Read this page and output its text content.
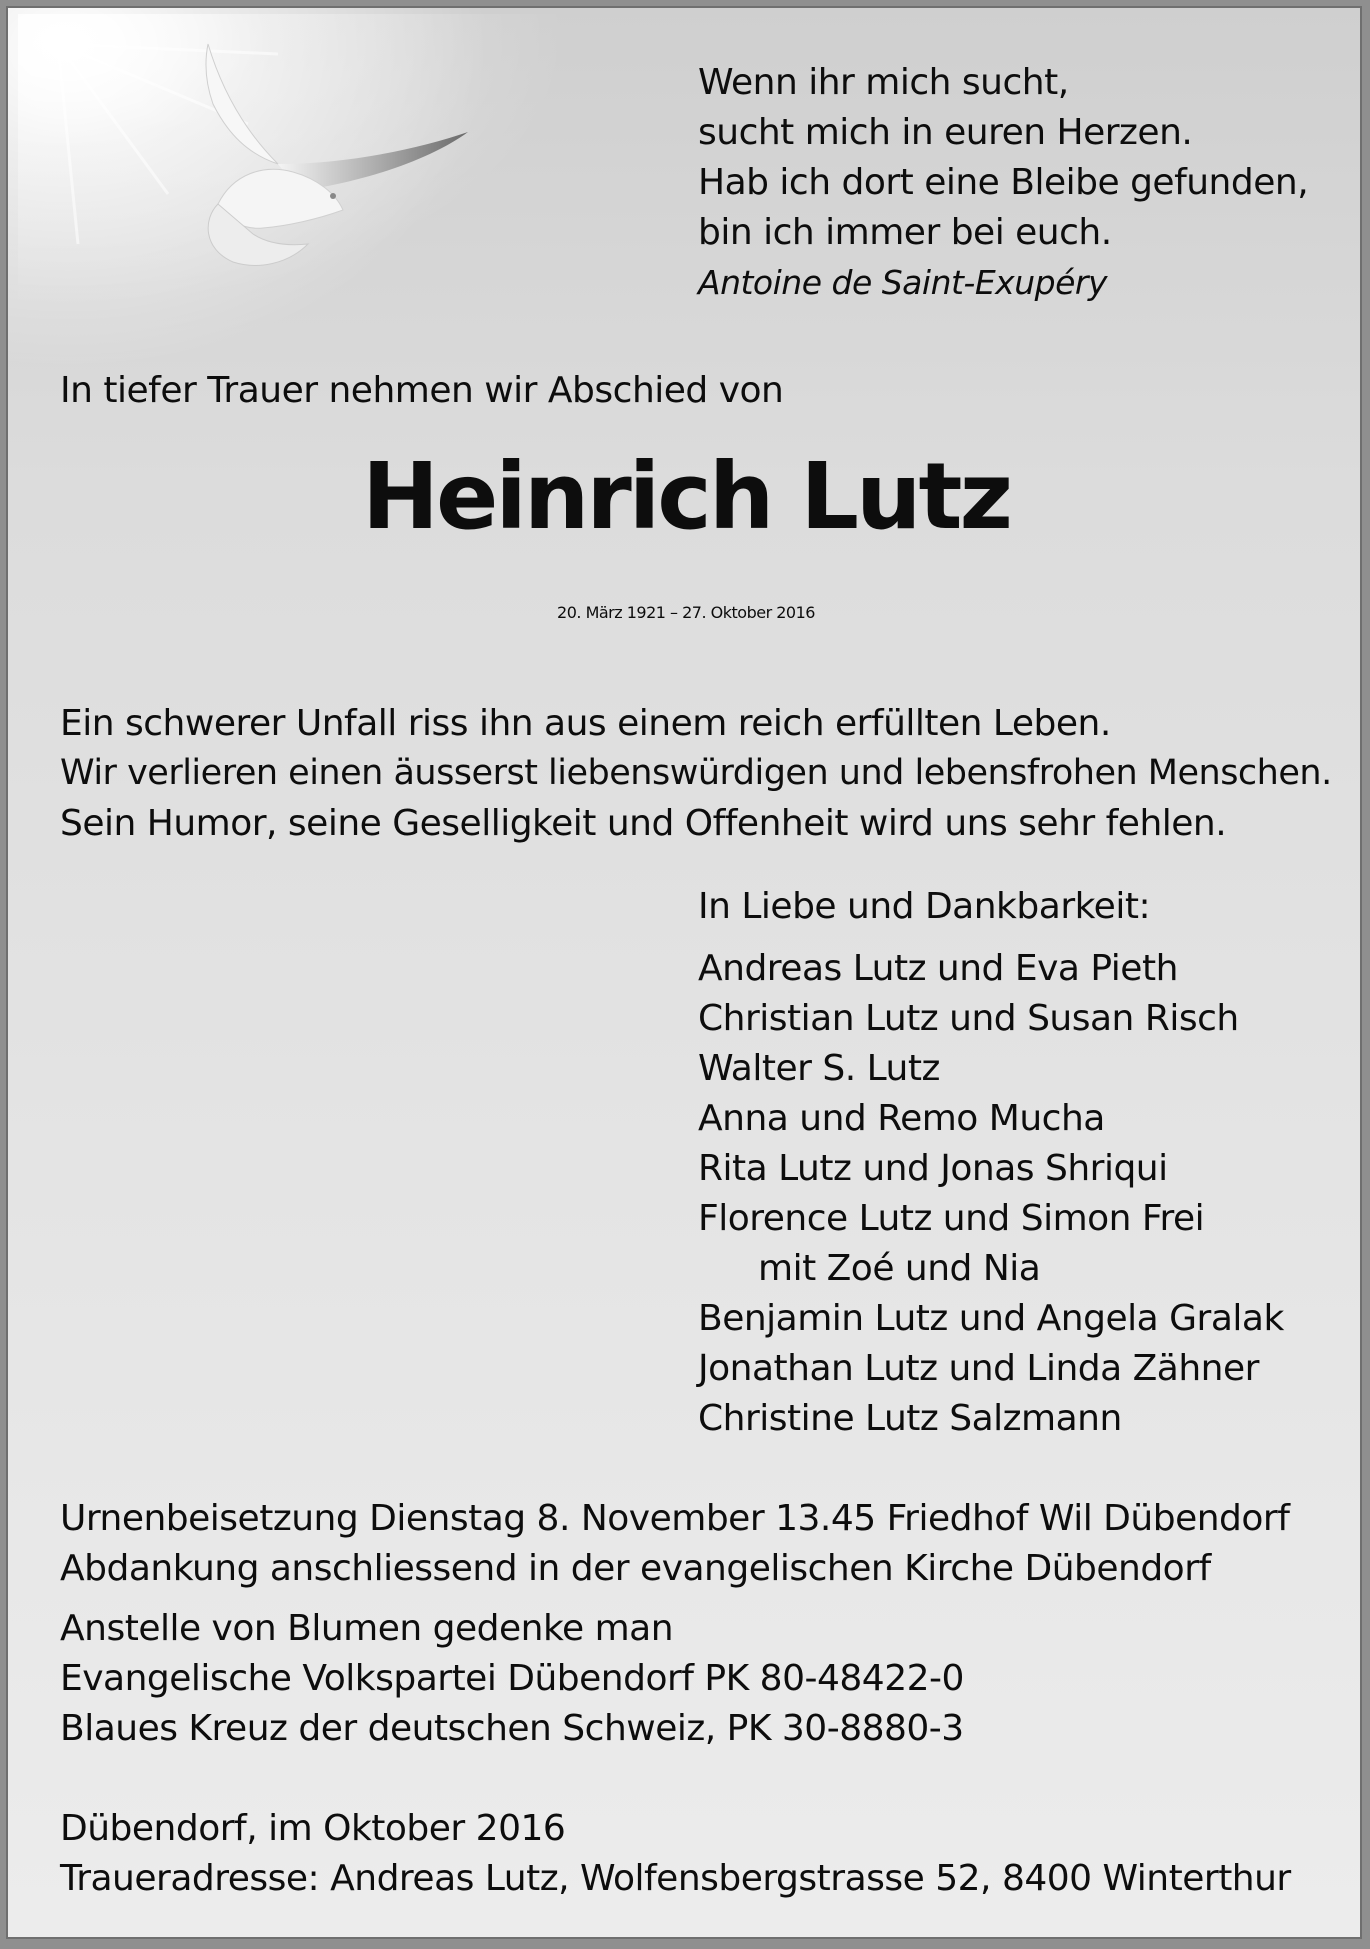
Wenn ihr mich sucht,

sucht mich in euren Herzen.

Hab ich dort eine Bleibe gefunden,

bin ich immer bei euch.

Antoine de Saint-Exupéry

In tiefer Trauer nehmen wir Abschied von

Heinrich Lutz

20. März 1921 – 27. Oktober 2016

Ein schwerer Unfall riss ihn aus einem reich erfüllten Leben.

Wir verlieren einen äusserst liebenswürdigen und lebensfrohen Menschen.

Sein Humor, seine Geselligkeit und Offenheit wird uns sehr fehlen.

In Liebe und Dankbarkeit:

Andreas Lutz und Eva Pieth

Christian Lutz und Susan Risch

Walter S. Lutz

Anna und Remo Mucha

Rita Lutz und Jonas Shriqui

Florence Lutz und Simon Frei

mit Zoé und Nia

Benjamin Lutz und Angela Gralak

Jonathan Lutz und Linda Zähner

Christine Lutz Salzmann

Urnenbeisetzung Dienstag 8. November 13.45 Friedhof Wil Dübendorf

Abdankung anschliessend in der evangelischen Kirche Dübendorf

Anstelle von Blumen gedenke man

Evangelische Volkspartei Dübendorf PK 80-48422-0

Blaues Kreuz der deutschen Schweiz, PK 30-8880-3

Dübendorf, im Oktober 2016

Traueradresse: Andreas Lutz, Wolfensbergstrasse 52, 8400 Winterthur
